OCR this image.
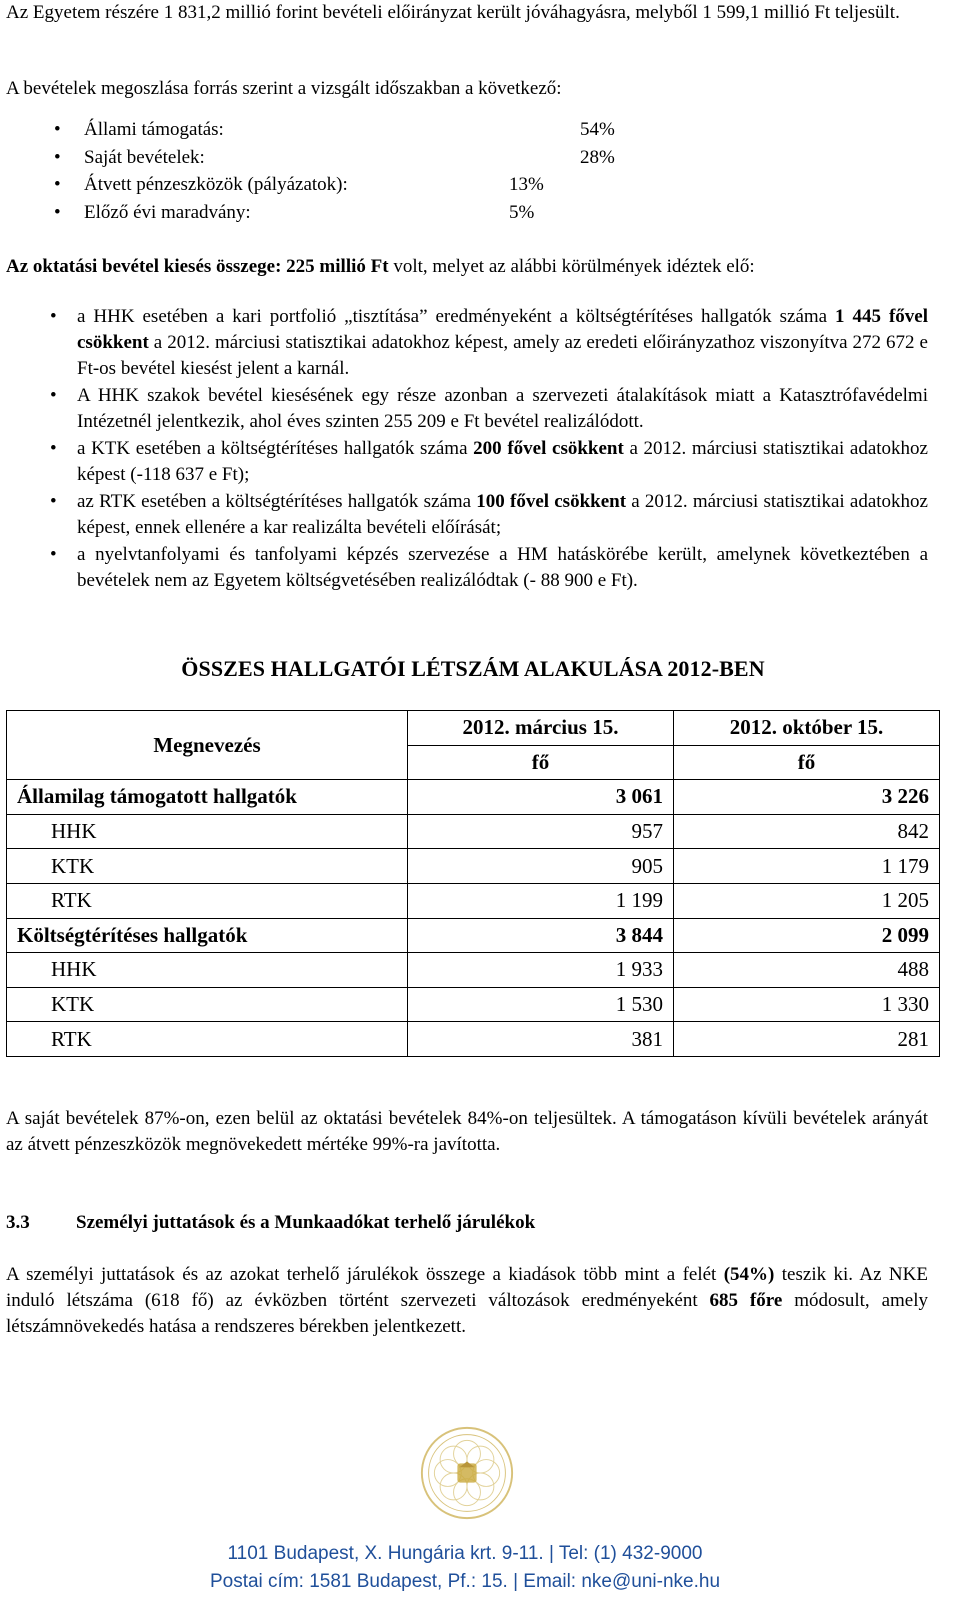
Az Egyetem részére 1 831,2 millió forint bevételi előirányzat került jóváhagyásra, melyből 1 599,1 millió Ft teljesült.

A bevételek megoszlása forrás szerint a vizsgált időszakban a következő:

• Állami támogatás:	54%
• Saját bevételek:	28%
• Átvett pénzeszközök (pályázatok):	13%
• Előző évi maradvány:	5%

Az oktatási bevétel kiesés összege: 225 millió Ft volt, melyet az alábbi körülmények idéztek elő:

• a HHK esetében a kari portfolió „tisztítása” eredményeként a költségtérítéses hallgatók száma 1 445 fővel csökkent a 2012. márciusi statisztikai adatokhoz képest, amely az eredeti előirányzathoz viszonyítva 272 672 e Ft-os bevétel kiesést jelent a karnál.
• A HHK szakok bevétel kiesésének egy része azonban a szervezeti átalakítások miatt a Katasztrófavédelmi Intézetnél jelentkezik, ahol éves szinten 255 209 e Ft bevétel realizálódott.
• a KTK esetében a költségtérítéses hallgatók száma 200 fővel csökkent a 2012. márciusi statisztikai adatokhoz képest (-118 637 e Ft);
• az RTK esetében a költségtérítéses hallgatók száma 100 fővel csökkent a 2012. márciusi statisztikai adatokhoz képest, ennek ellenére a kar realizálta bevételi előírását;
• a nyelvtanfolyami és tanfolyami képzés szervezése a HM hatáskörébe került, amelynek következtében a bevételek nem az Egyetem költségvetésében realizálódtak (- 88 900 e Ft).
ÖSSZES HALLGATÓI LÉTSZÁM ALAKULÁSA 2012-BEN
Megnevezés	2012. március 15.	2012. október 15.
	fő	fő
Államilag támogatott hallgatók	3 061	3 226
HHK	957	842
KTK	905	1 179
RTK	1 199	1 205
Költségtérítéses hallgatók	3 844	2 099
HHK	1 933	488
KTK	1 530	1 330
RTK	381	281

A saját bevételek 87%-on, ezen belül az oktatási bevételek 84%-on teljesültek. A támogatáson kívüli bevételek arányát az átvett pénzeszközök megnövekedett mértéke 99%-ra javította.

3.3 Személyi juttatások és a Munkaadókat terhelő járulékok

A személyi juttatások és az azokat terhelő járulékok összege a kiadások több mint a felét (54%) teszik ki. Az NKE induló létszáma (618 fő) az évközben történt szervezeti változások eredményeként 685 főre módosult, amely létszámnövekedés hatása a rendszeres bérekben jelentkezett.

1101 Budapest, X. Hungária krt. 9-11. | Tel: (1) 432-9000
Postai cím: 1581 Budapest, Pf.: 15. | Email: nke@uni-nke.hu
